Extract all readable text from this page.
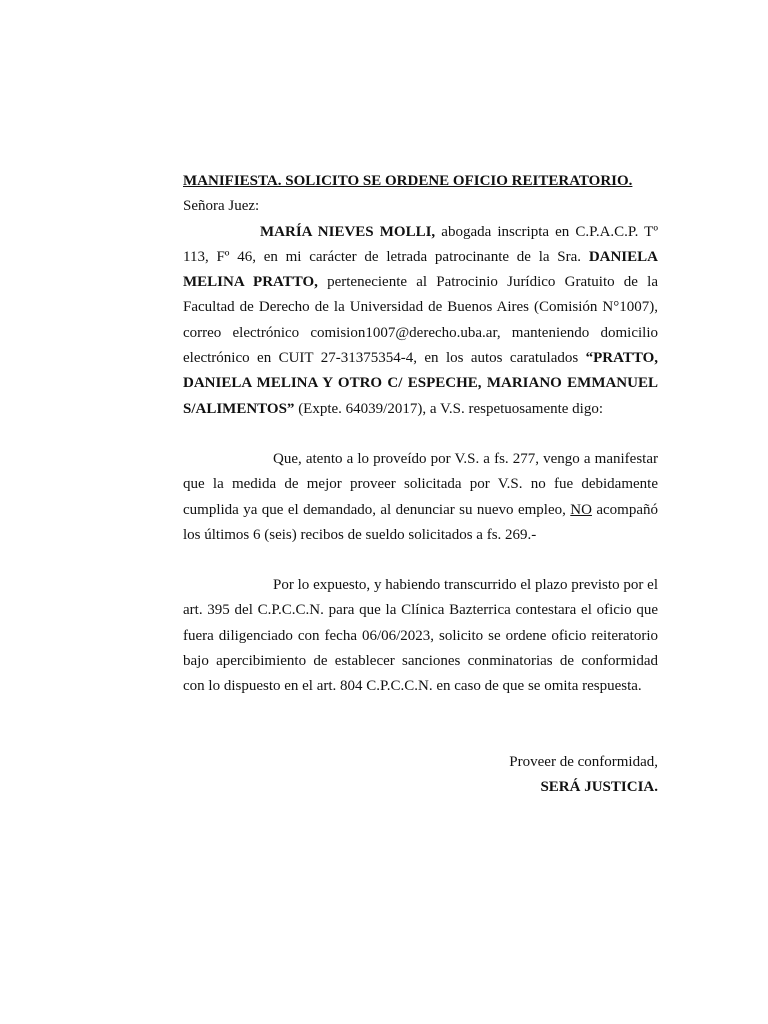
MANIFIESTA. SOLICITO SE ORDENE OFICIO REITERATORIO.

Señora Juez:

MARÍA NIEVES MOLLI, abogada inscripta en C.P.A.C.P. Tº 113, Fº 46, en mi carácter de letrada patrocinante de la Sra. DANIELA MELINA PRATTO, perteneciente al Patrocinio Jurídico Gratuito de la Facultad de Derecho de la Universidad de Buenos Aires (Comisión N°1007), correo electrónico comision1007@derecho.uba.ar, manteniendo domicilio electrónico en CUIT 27-31375354-4, en los autos caratulados “PRATTO, DANIELA MELINA Y OTRO C/ ESPECHE, MARIANO EMMANUEL S/ALIMENTOS” (Expte. 64039/2017), a V.S. respetuosamente digo:

Que, atento a lo proveído por V.S. a fs. 277, vengo a manifestar que la medida de mejor proveer solicitada por V.S. no fue debidamente cumplida ya que el demandado, al denunciar su nuevo empleo, NO acompañó los últimos 6 (seis) recibos de sueldo solicitados a fs. 269.-

Por lo expuesto, y habiendo transcurrido el plazo previsto por el art. 395 del C.P.C.C.N. para que la Clínica Bazterrica contestara el oficio que fuera diligenciado con fecha 06/06/2023, solicito se ordene oficio reiteratorio bajo apercibimiento de establecer sanciones conminatorias de conformidad con lo dispuesto en el art. 804 C.P.C.C.N. en caso de que se omita respuesta.

Proveer de conformidad,

SERÁ JUSTICIA.
